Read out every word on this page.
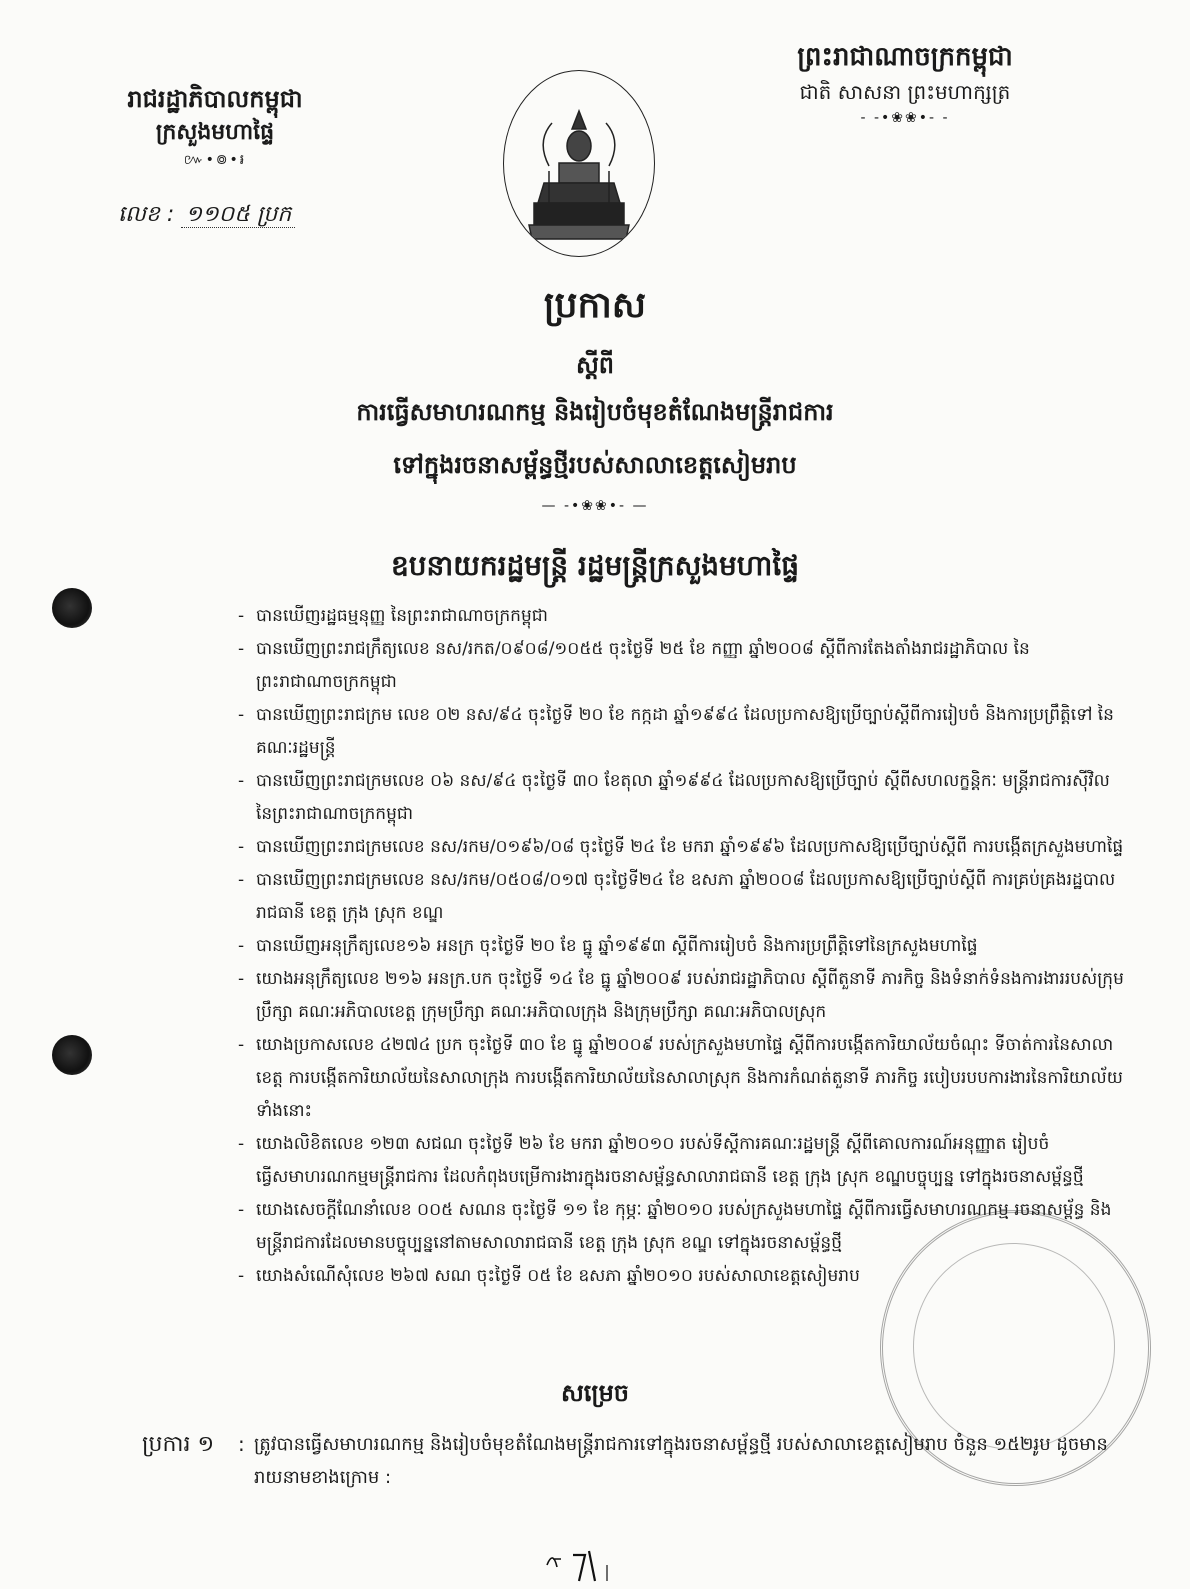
រាជរដ្ឋាភិបាលកម្ពុជា
ក្រសួងមហាផ្ទៃ
៚•៙•៛
លេខ : ១១០៥ ប្រក
ព្រះរាជាណាចក្រកម្ពុជា
ជាតិ សាសនា ព្រះមហាក្សត្រ
- -•❀❀•- -
ប្រកាស
ស្តីពី
ការធ្វើសមាហរណកម្ម និងរៀបចំមុខតំណែងមន្ត្រីរាជការ
ទៅក្នុងរចនាសម្ព័ន្ធថ្មីរបស់សាលាខេត្តសៀមរាប
— -•❀❀•- —
ឧបនាយករដ្ឋមន្ត្រី រដ្ឋមន្ត្រីក្រសួងមហាផ្ទៃ
- បានឃើញរដ្ឋធម្មនុញ្ញ នៃព្រះរាជាណាចក្រកម្ពុជា
- បានឃើញព្រះរាជក្រឹត្យលេខ នស/រកត/០៩០៨/១០៥៥ ចុះថ្ងៃទី ២៥ ខែ កញ្ញា ឆ្នាំ២០០៨ ស្តីពីការតែងតាំងរាជរដ្ឋាភិបាល នៃព្រះរាជាណាចក្រកម្ពុជា
- បានឃើញព្រះរាជក្រម លេខ ០២ នស/៩៤ ចុះថ្ងៃទី ២០ ខែ កក្កដា ឆ្នាំ១៩៩៤ ដែលប្រកាសឱ្យប្រើច្បាប់ស្តីពីការរៀបចំ និងការប្រព្រឹត្តិទៅ នៃគណៈរដ្ឋមន្ត្រី
- បានឃើញព្រះរាជក្រមលេខ ០៦ នស/៩៤ ចុះថ្ងៃទី ៣០ ខែតុលា ឆ្នាំ១៩៩៤ ដែលប្រកាសឱ្យប្រើច្បាប់ ស្តីពីសហលក្ខន្តិកៈ មន្ត្រីរាជការស៊ីវិល នៃព្រះរាជាណាចក្រកម្ពុជា
- បានឃើញព្រះរាជក្រមលេខ នស/រកម/០១៩៦/០៨ ចុះថ្ងៃទី ២៤ ខែ មករា ឆ្នាំ១៩៩៦ ដែលប្រកាសឱ្យប្រើច្បាប់ស្តីពី ការបង្កើតក្រសួងមហាផ្ទៃ
- បានឃើញព្រះរាជក្រមលេខ នស/រកម/០៥០៨/០១៧ ចុះថ្ងៃទី២៤ ខែ ឧសភា ឆ្នាំ២០០៨ ដែលប្រកាសឱ្យប្រើច្បាប់ស្តីពី ការគ្រប់គ្រងរដ្ឋបាលរាជធានី ខេត្ត ក្រុង ស្រុក ខណ្ឌ
- បានឃើញអនុក្រឹត្យលេខ១៦ អនក្រ ចុះថ្ងៃទី ២០ ខែ ធ្នូ ឆ្នាំ១៩៩៣ ស្តីពីការរៀបចំ និងការប្រព្រឹត្តិទៅនៃក្រសួងមហាផ្ទៃ
- យោងអនុក្រឹត្យលេខ ២១៦ អនក្រ.បក ចុះថ្ងៃទី ១៤ ខែ ធ្នូ ឆ្នាំ២០០៩ របស់រាជរដ្ឋាភិបាល ស្តីពីតួនាទី ភារកិច្ច និងទំនាក់ទំនងការងាររបស់ក្រុមប្រឹក្សា គណៈអភិបាលខេត្ត ក្រុមប្រឹក្សា គណៈអភិបាលក្រុង និងក្រុមប្រឹក្សា គណៈអភិបាលស្រុក
- យោងប្រកាសលេខ ៤២៧៤ ប្រក ចុះថ្ងៃទី ៣០ ខែ ធ្នូ ឆ្នាំ២០០៩ របស់ក្រសួងមហាផ្ទៃ ស្តីពីការបង្កើតការិយាល័យចំណុះ ទីចាត់ការនៃសាលាខេត្ត ការបង្កើតការិយាល័យនៃសាលាក្រុង ការបង្កើតការិយាល័យនៃសាលាស្រុក និងការកំណត់តួនាទី ភារកិច្ច របៀបរបបការងារនៃការិយាល័យទាំងនោះ
- យោងលិខិតលេខ ១២៣ សជណ ចុះថ្ងៃទី ២៦ ខែ មករា ឆ្នាំ២០១០ របស់ទីស្តីការគណៈរដ្ឋមន្ត្រី ស្តីពីគោលការណ៍អនុញ្ញាត រៀបចំធ្វើសមាហរណកម្មមន្ត្រីរាជការ ដែលកំពុងបម្រើការងារក្នុងរចនាសម្ព័ន្ធសាលារាជធានី ខេត្ត ក្រុង ស្រុក ខណ្ឌបច្ចុប្បន្ន ទៅក្នុងរចនាសម្ព័ន្ធថ្មី
- យោងសេចក្តីណែនាំលេខ ០០៥ សណន ចុះថ្ងៃទី ១១ ខែ កុម្ភៈ ឆ្នាំ២០១០ របស់ក្រសួងមហាផ្ទៃ ស្តីពីការធ្វើសមាហរណកម្ម រចនាសម្ព័ន្ធ និងមន្ត្រីរាជការដែលមានបច្ចុប្បន្ននៅតាមសាលារាជធានី ខេត្ត ក្រុង ស្រុក ខណ្ឌ ទៅក្នុងរចនាសម្ព័ន្ធថ្មី
- យោងសំណើសុំលេខ ២៦៧ សណ ចុះថ្ងៃទី ០៥ ខែ ឧសភា ឆ្នាំ២០១០ របស់សាលាខេត្តសៀមរាប
សម្រេច
ប្រការ ១ : ត្រូវបានធ្វើសមាហរណកម្ម និងរៀបចំមុខតំណែងមន្ត្រីរាជការទៅក្នុងរចនាសម្ព័ន្ធថ្មី របស់សាលាខេត្តសៀមរាប ចំនួន ១៥២រូប ដូចមានរាយនាមខាងក្រោម :
